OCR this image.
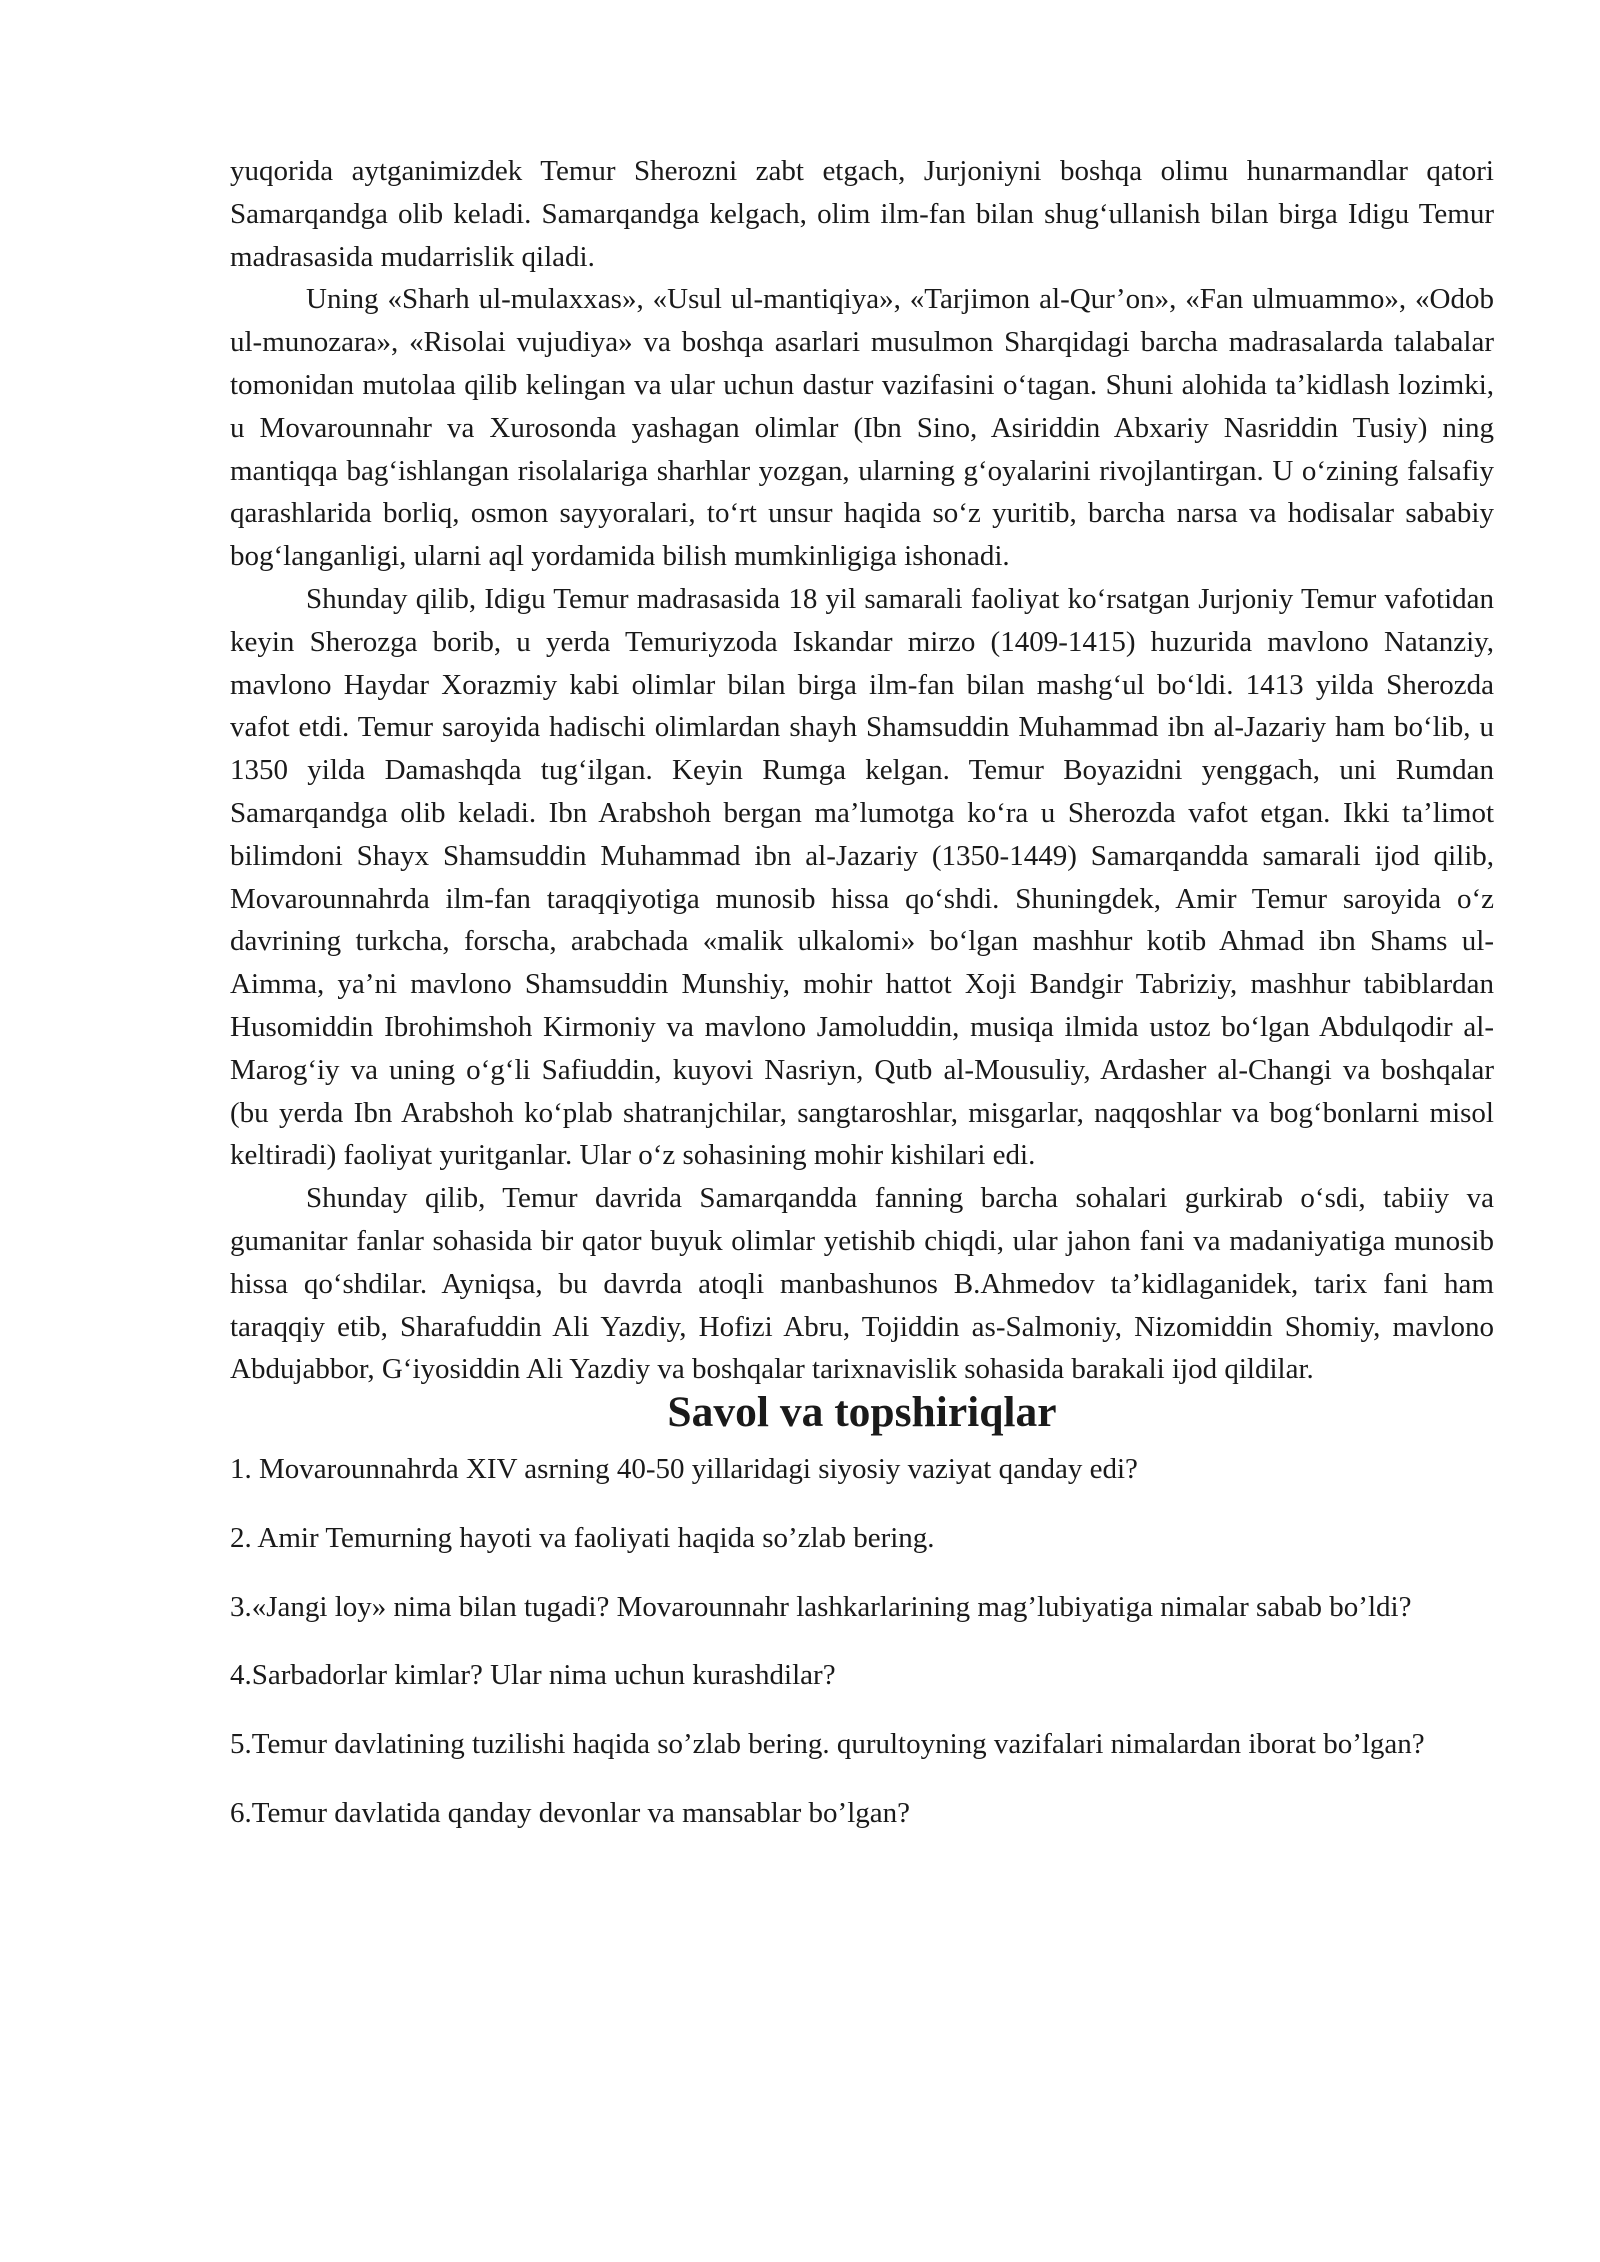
yuqorida aytganimizdek Temur Sherozni zabt etgach, Jurjoniyni boshqa olimu hunarmandlar qatori Samarqandga olib keladi. Samarqandga kelgach, olim ilm-fan bilan shug‘ullanish bilan birga Idigu Temur madrasasida mudarrislik qiladi.

Uning «Sharh ul-mulaxxas», «Usul ul-mantiqiya», «Tarjimon al-Qur’on», «Fan ulmuammo», «Odob ul-munozara», «Risolai vujudiya» va boshqa asarlari musulmon Sharqidagi barcha madrasalarda talabalar tomonidan mutolaa qilib kelingan va ular uchun dastur vazifasini o‘tagan. Shuni alohida ta’kidlash lozimki, u Movarounnahr va Xurosonda yashagan olimlar (Ibn Sino, Asiriddin Abxariy Nasriddin Tusiy) ning mantiqqa bag‘ishlangan risolalariga sharhlar yozgan, ularning g‘oyalarini rivojlantirgan. U o‘zining falsafiy qarashlarida borliq, osmon sayyoralari, to‘rt unsur haqida so‘z yuritib, barcha narsa va hodisalar sababiy bog‘langanligi, ularni aql yordamida bilish mumkinligiga ishonadi.

Shunday qilib, Idigu Temur madrasasida 18 yil samarali faoliyat ko‘rsatgan Jurjoniy Temur vafotidan keyin Sherozga borib, u yerda Temuriyzoda Iskandar mirzo (1409-1415) huzurida mavlono Natanziy, mavlono Haydar Xorazmiy kabi olimlar bilan birga ilm-fan bilan mashg‘ul bo‘ldi. 1413 yilda Sherozda vafot etdi. Temur saroyida hadischi olimlardan shayh Shamsuddin Muhammad ibn al-Jazariy ham bo‘lib, u 1350 yilda Damashqda tug‘ilgan. Keyin Rumga kelgan. Temur Boyazidni yenggach, uni Rumdan Samarqandga olib keladi. Ibn Arabshoh bergan ma’lumotga ko‘ra u Sherozda vafot etgan. Ikki ta’limot bilimdoni Shayx Shamsuddin Muhammad ibn al-Jazariy (1350-1449) Samarqandda samarali ijod qilib, Movarounnahrda ilm-fan taraqqiyotiga munosib hissa qo‘shdi. Shuningdek, Amir Temur saroyida o‘z davrining turkcha, forscha, arabchada «malik ulkalomi» bo‘lgan mashhur kotib Ahmad ibn Shams ul-Aimma, ya’ni mavlono Shamsuddin Munshiy, mohir hattot Xoji Bandgir Tabriziy, mashhur tabiblardan Husomiddin Ibrohimshoh Kirmoniy va mavlono Jamoluddin, musiqa ilmida ustoz bo‘lgan Abdulqodir al-Marog‘iy va uning o‘g‘li Safiuddin, kuyovi Nasriyn, Qutb al-Mousuliy, Ardasher al-Changi va boshqalar (bu yerda Ibn Arabshoh ko‘plab shatranjchilar, sangtaroshlar, misgarlar, naqqoshlar va bog‘bonlarni misol keltiradi) faoliyat yuritganlar. Ular o‘z sohasining mohir kishilari edi.

Shunday qilib, Temur davrida Samarqandda fanning barcha sohalari gurkirab o‘sdi, tabiiy va gumanitar fanlar sohasida bir qator buyuk olimlar yetishib chiqdi, ular jahon fani va madaniyatiga munosib hissa qo‘shdilar. Ayniqsa, bu davrda atoqli manbashunos B.Ahmedov ta’kidlaganidek, tarix fani ham taraqqiy etib, Sharafuddin Ali Yazdiy, Hofizi Abru, Tojiddin as-Salmoniy, Nizomiddin Shomiy, mavlono Abdujabbor, G‘iyosiddin Ali Yazdiy va boshqalar tarixnavislik sohasida barakali ijod qildilar.

Savol va topshiriqlar

1. Movarounnahrda XIV asrning 40-50 yillaridagi siyosiy vaziyat qanday edi?

2. Amir Temurning hayoti va faoliyati haqida so’zlab bering.

3.«Jangi loy» nima bilan tugadi? Movarounnahr lashkarlarining mag’lubiyatiga nimalar sabab bo’ldi?

4.Sarbadorlar kimlar? Ular nima uchun kurashdilar?

5.Temur davlatining tuzilishi haqida so’zlab bering. qurultoyning vazifalari nimalardan iborat bo’lgan?

6.Temur davlatida qanday devonlar va mansablar bo’lgan?
